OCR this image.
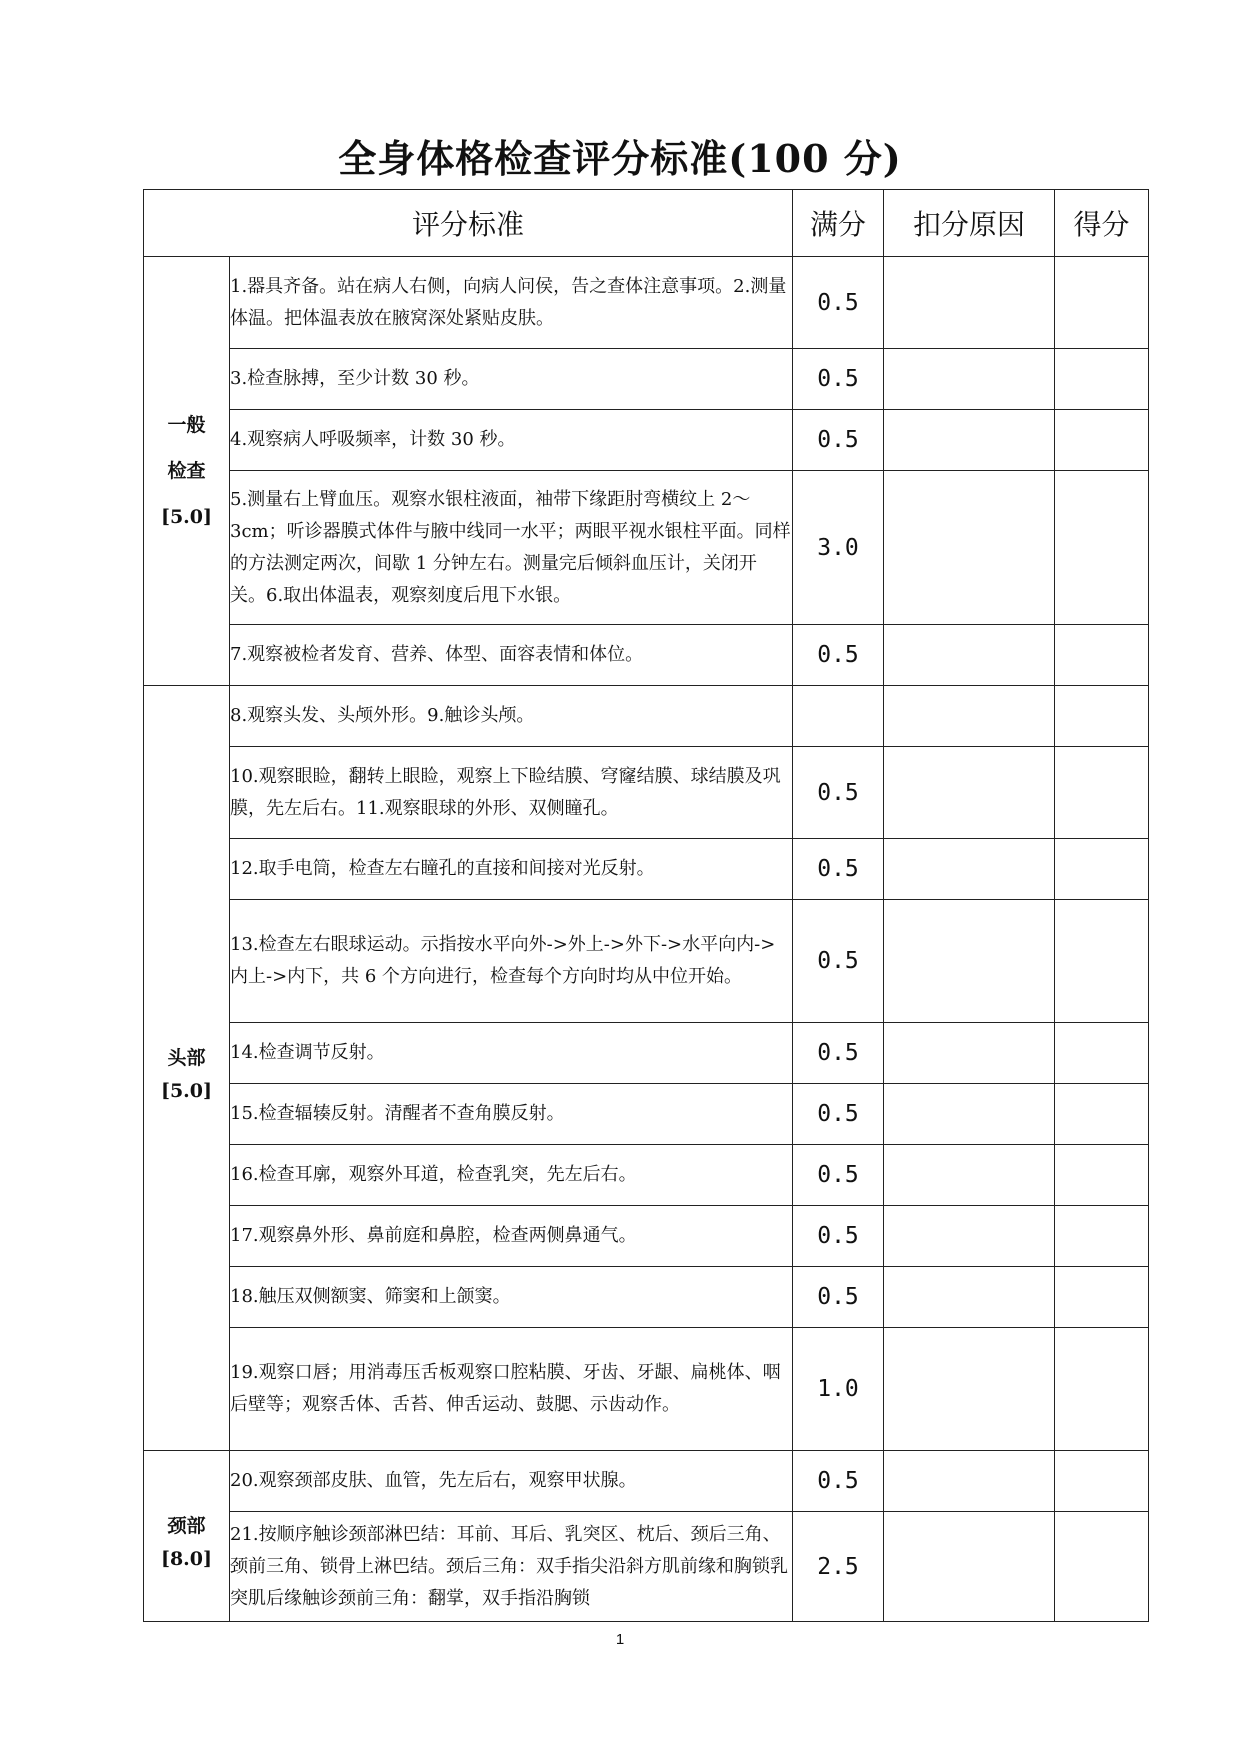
全身体格检查评分标准(100 分)
评分标准		满分	扣分原因	得分

一般
检查
[5.0]	1.器具齐备。站在病人右侧，向病人问侯，告之查体注意事项。2.测量体温。把体温表放在腋窝深处紧贴皮肤。	0.5		
	3.检查脉搏，至少计数 30 秒。	0.5		
	4.观察病人呼吸频率，计数 30 秒。	0.5		
	5.测量右上臂血压。观察水银柱液面，袖带下缘距肘弯横纹上 2～3cm；听诊器膜式体件与腋中线同一水平；两眼平视水银柱平面。同样的方法测定两次，间歇 1 分钟左右。测量完后倾斜血压计，关闭开关。6.取出体温表，观察刻度后甩下水银。	3.0		
	7.观察被检者发育、营养、体型、面容表情和体位。	0.5		

头部
[5.0]	8.观察头发、头颅外形。9.触诊头颅。			
	10.观察眼睑，翻转上眼睑，观察上下睑结膜、穹窿结膜、球结膜及巩膜，先左后右。11.观察眼球的外形、双侧瞳孔。	0.5		
	12.取手电筒，检查左右瞳孔的直接和间接对光反射。	0.5		
	13.检查左右眼球运动。示指按水平向外->外上->外下->水平向内->内上->内下，共 6 个方向进行，检查每个方向时均从中位开始。	0.5		
	14.检查调节反射。	0.5		
	15.检查辐辏反射。清醒者不查角膜反射。	0.5		
	16.检查耳廓，观察外耳道，检查乳突，先左后右。	0.5		
	17.观察鼻外形、鼻前庭和鼻腔，检查两侧鼻通气。	0.5		
	18.触压双侧额窦、筛窦和上颌窦。	0.5		
	19.观察口唇；用消毒压舌板观察口腔粘膜、牙齿、牙龈、扁桃体、咽后壁等；观察舌体、舌苔、伸舌运动、鼓腮、示齿动作。	1.0		

颈部
[8.0]	20.观察颈部皮肤、血管，先左后右，观察甲状腺。	0.5		
	21.按顺序触诊颈部淋巴结：耳前、耳后、乳突区、枕后、颈后三角、颈前三角、锁骨上淋巴结。颈后三角：双手指尖沿斜方肌前缘和胸锁乳突肌后缘触诊颈前三角：翻掌，双手指沿胸锁	2.5		
1
